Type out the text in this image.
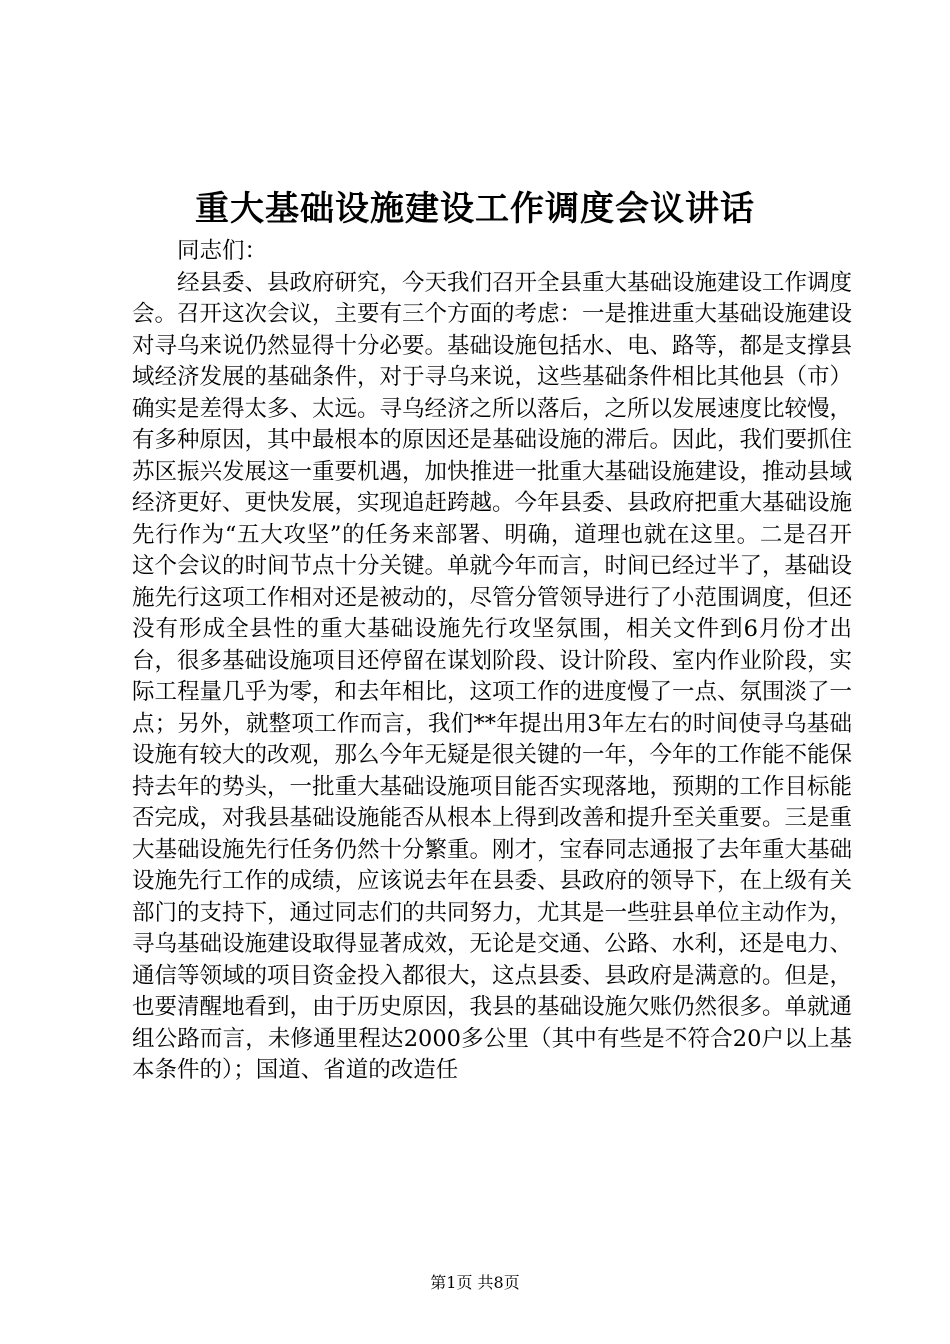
重大基础设施建设工作调度会议讲话

同志们：

经县委、县政府研究，今天我们召开全县重大基础设施建设工作调度会。召开这次会议，主要有三个方面的考虑：一是推进重大基础设施建设对寻乌来说仍然显得十分必要。基础设施包括水、电、路等，都是支撑县域经济发展的基础条件，对于寻乌来说，这些基础条件相比其他县（市）确实是差得太多、太远。寻乌经济之所以落后，之所以发展速度比较慢，有多种原因，其中最根本的原因还是基础设施的滞后。因此，我们要抓住苏区振兴发展这一重要机遇，加快推进一批重大基础设施建设，推动县域经济更好、更快发展，实现追赶跨越。今年县委、县政府把重大基础设施先行作为“五大攻坚”的任务来部署、明确，道理也就在这里。二是召开这个会议的时间节点十分关键。单就今年而言，时间已经过半了，基础设施先行这项工作相对还是被动的，尽管分管领导进行了小范围调度，但还没有形成全县性的重大基础设施先行攻坚氛围，相关文件到6月份才出台，很多基础设施项目还停留在谋划阶段、设计阶段、室内作业阶段，实际工程量几乎为零，和去年相比，这项工作的进度慢了一点、氛围淡了一点；另外，就整项工作而言，我们**年提出用3年左右的时间使寻乌基础设施有较大的改观，那么今年无疑是很关键的一年，今年的工作能不能保持去年的势头，一批重大基础设施项目能否实现落地，预期的工作目标能否完成，对我县基础设施能否从根本上得到改善和提升至关重要。三是重大基础设施先行任务仍然十分繁重。刚才，宝春同志通报了去年重大基础设施先行工作的成绩，应该说去年在县委、县政府的领导下，在上级有关部门的支持下，通过同志们的共同努力，尤其是一些驻县单位主动作为，寻乌基础设施建设取得显著成效，无论是交通、公路、水利，还是电力、通信等领域的项目资金投入都很大，这点县委、县政府是满意的。但是，也要清醒地看到，由于历史原因，我县的基础设施欠账仍然很多。单就通组公路而言，未修通里程达2000多公里（其中有些是不符合20户以上基本条件的）；国道、省道的改造任

第1页 共8页
